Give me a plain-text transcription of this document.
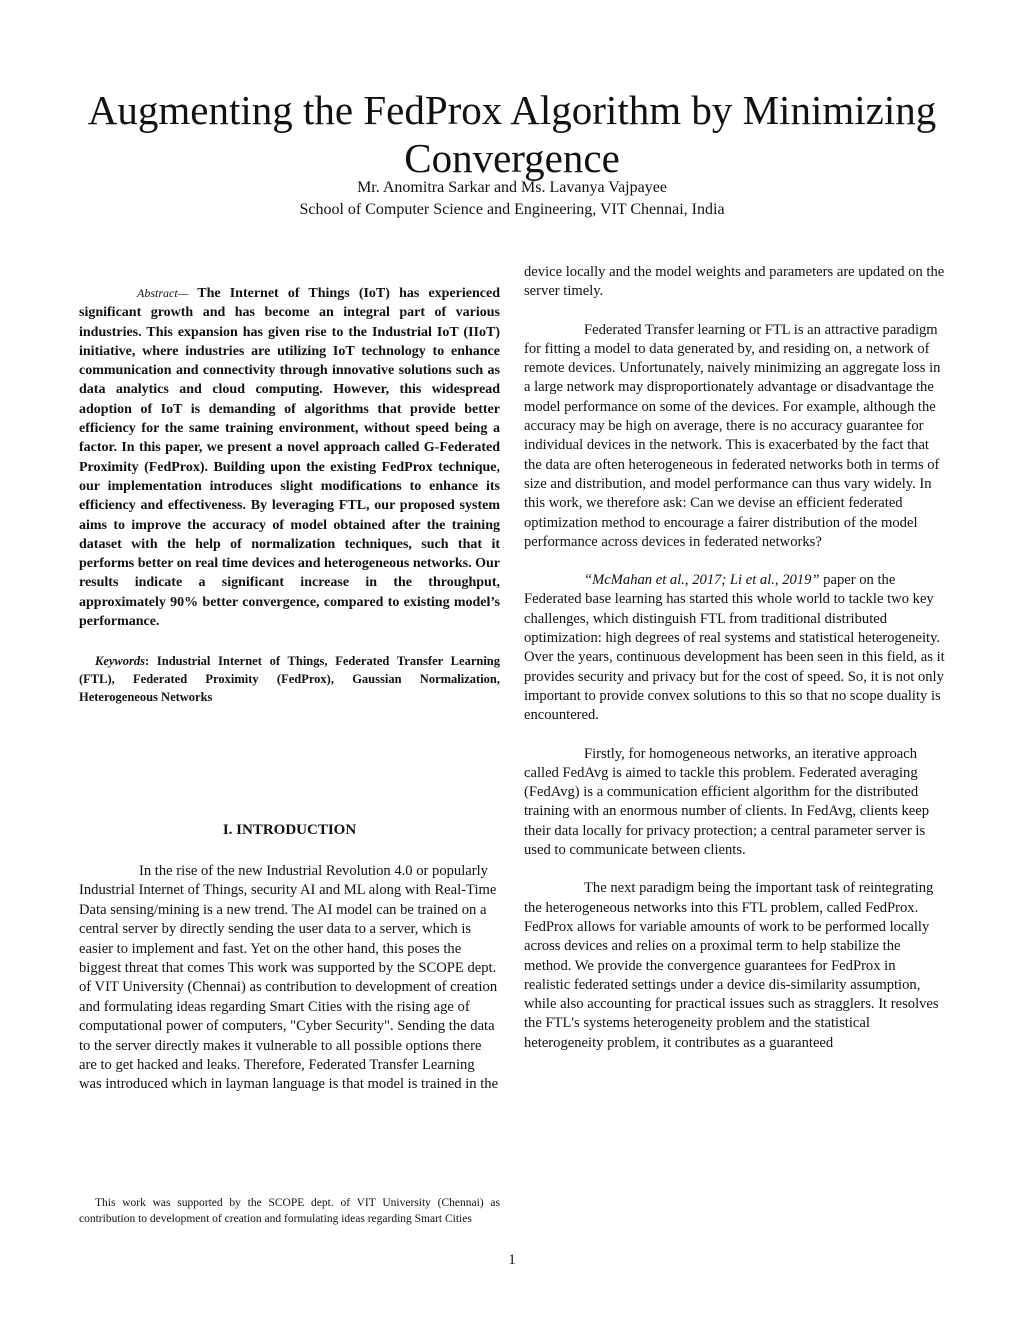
Augmenting the FedProx Algorithm by Minimizing Convergence
Mr. Anomitra Sarkar and Ms. Lavanya Vajpayee
School of Computer Science and Engineering, VIT Chennai, India

Abstract— The Internet of Things (IoT) has experienced significant growth and has become an integral part of various industries. This expansion has given rise to the Industrial IoT (IIoT) initiative, where industries are utilizing IoT technology to enhance communication and connectivity through innovative solutions such as data analytics and cloud computing. However, this widespread adoption of IoT is demanding of algorithms that provide better efficiency for the same training environment, without speed being a factor. In this paper, we present a novel approach called G-Federated Proximity (FedProx). Building upon the existing FedProx technique, our implementation introduces slight modifications to enhance its efficiency and effectiveness. By leveraging FTL, our proposed system aims to improve the accuracy of model obtained after the training dataset with the help of normalization techniques, such that it performs better on real time devices and heterogeneous networks. Our results indicate a significant increase in the throughput, approximately 90% better convergence, compared to existing model’s performance.

Keywords: Industrial Internet of Things, Federated Transfer Learning (FTL), Federated Proximity (FedProx), Gaussian Normalization, Heterogeneous Networks

I. INTRODUCTION

In the rise of the new Industrial Revolution 4.0 or popularly Industrial Internet of Things, security AI and ML along with Real-Time Data sensing/mining is a new trend. The AI model can be trained on a central server by directly sending the user data to a server, which is easier to implement and fast. Yet on the other hand, this poses the biggest threat that comes This work was supported by the SCOPE dept. of VIT University (Chennai) as contribution to development of creation and formulating ideas regarding Smart Cities with the rising age of computational power of computers, "Cyber Security". Sending the data to the server directly makes it vulnerable to all possible options there are to get hacked and leaks. Therefore, Federated Transfer Learning was introduced which in layman language is that model is trained in the

device locally and the model weights and parameters are updated on the server timely.

Federated Transfer learning or FTL is an attractive paradigm for fitting a model to data generated by, and residing on, a network of remote devices. Unfortunately, naively minimizing an aggregate loss in a large network may disproportionately advantage or disadvantage the model performance on some of the devices. For example, although the accuracy may be high on average, there is no accuracy guarantee for individual devices in the network. This is exacerbated by the fact that the data are often heterogeneous in federated networks both in terms of size and distribution, and model performance can thus vary widely. In this work, we therefore ask: Can we devise an efficient federated optimization method to encourage a fairer distribution of the model performance across devices in federated networks?

“McMahan et al., 2017; Li et al., 2019” paper on the Federated base learning has started this whole world to tackle two key challenges, which distinguish FTL from traditional distributed optimization: high degrees of real systems and statistical heterogeneity. Over the years, continuous development has been seen in this field, as it provides security and privacy but for the cost of speed. So, it is not only important to provide convex solutions to this so that no scope duality is encountered.

Firstly, for homogeneous networks, an iterative approach called FedAvg is aimed to tackle this problem. Federated averaging (FedAvg) is a communication efficient algorithm for the distributed training with an enormous number of clients. In FedAvg, clients keep their data locally for privacy protection; a central parameter server is used to communicate between clients.

The next paradigm being the important task of reintegrating the heterogeneous networks into this FTL problem, called FedProx. FedProx allows for variable amounts of work to be performed locally across devices and relies on a proximal term to help stabilize the method. We provide the convergence guarantees for FedProx in realistic federated settings under a device dis-similarity assumption, while also accounting for practical issues such as stragglers. It resolves the FTL's systems heterogeneity problem and the statistical heterogeneity problem, it contributes as a guaranteed

This work was supported by the SCOPE dept. of VIT University (Chennai) as contribution to development of creation and formulating ideas regarding Smart Cities

1
